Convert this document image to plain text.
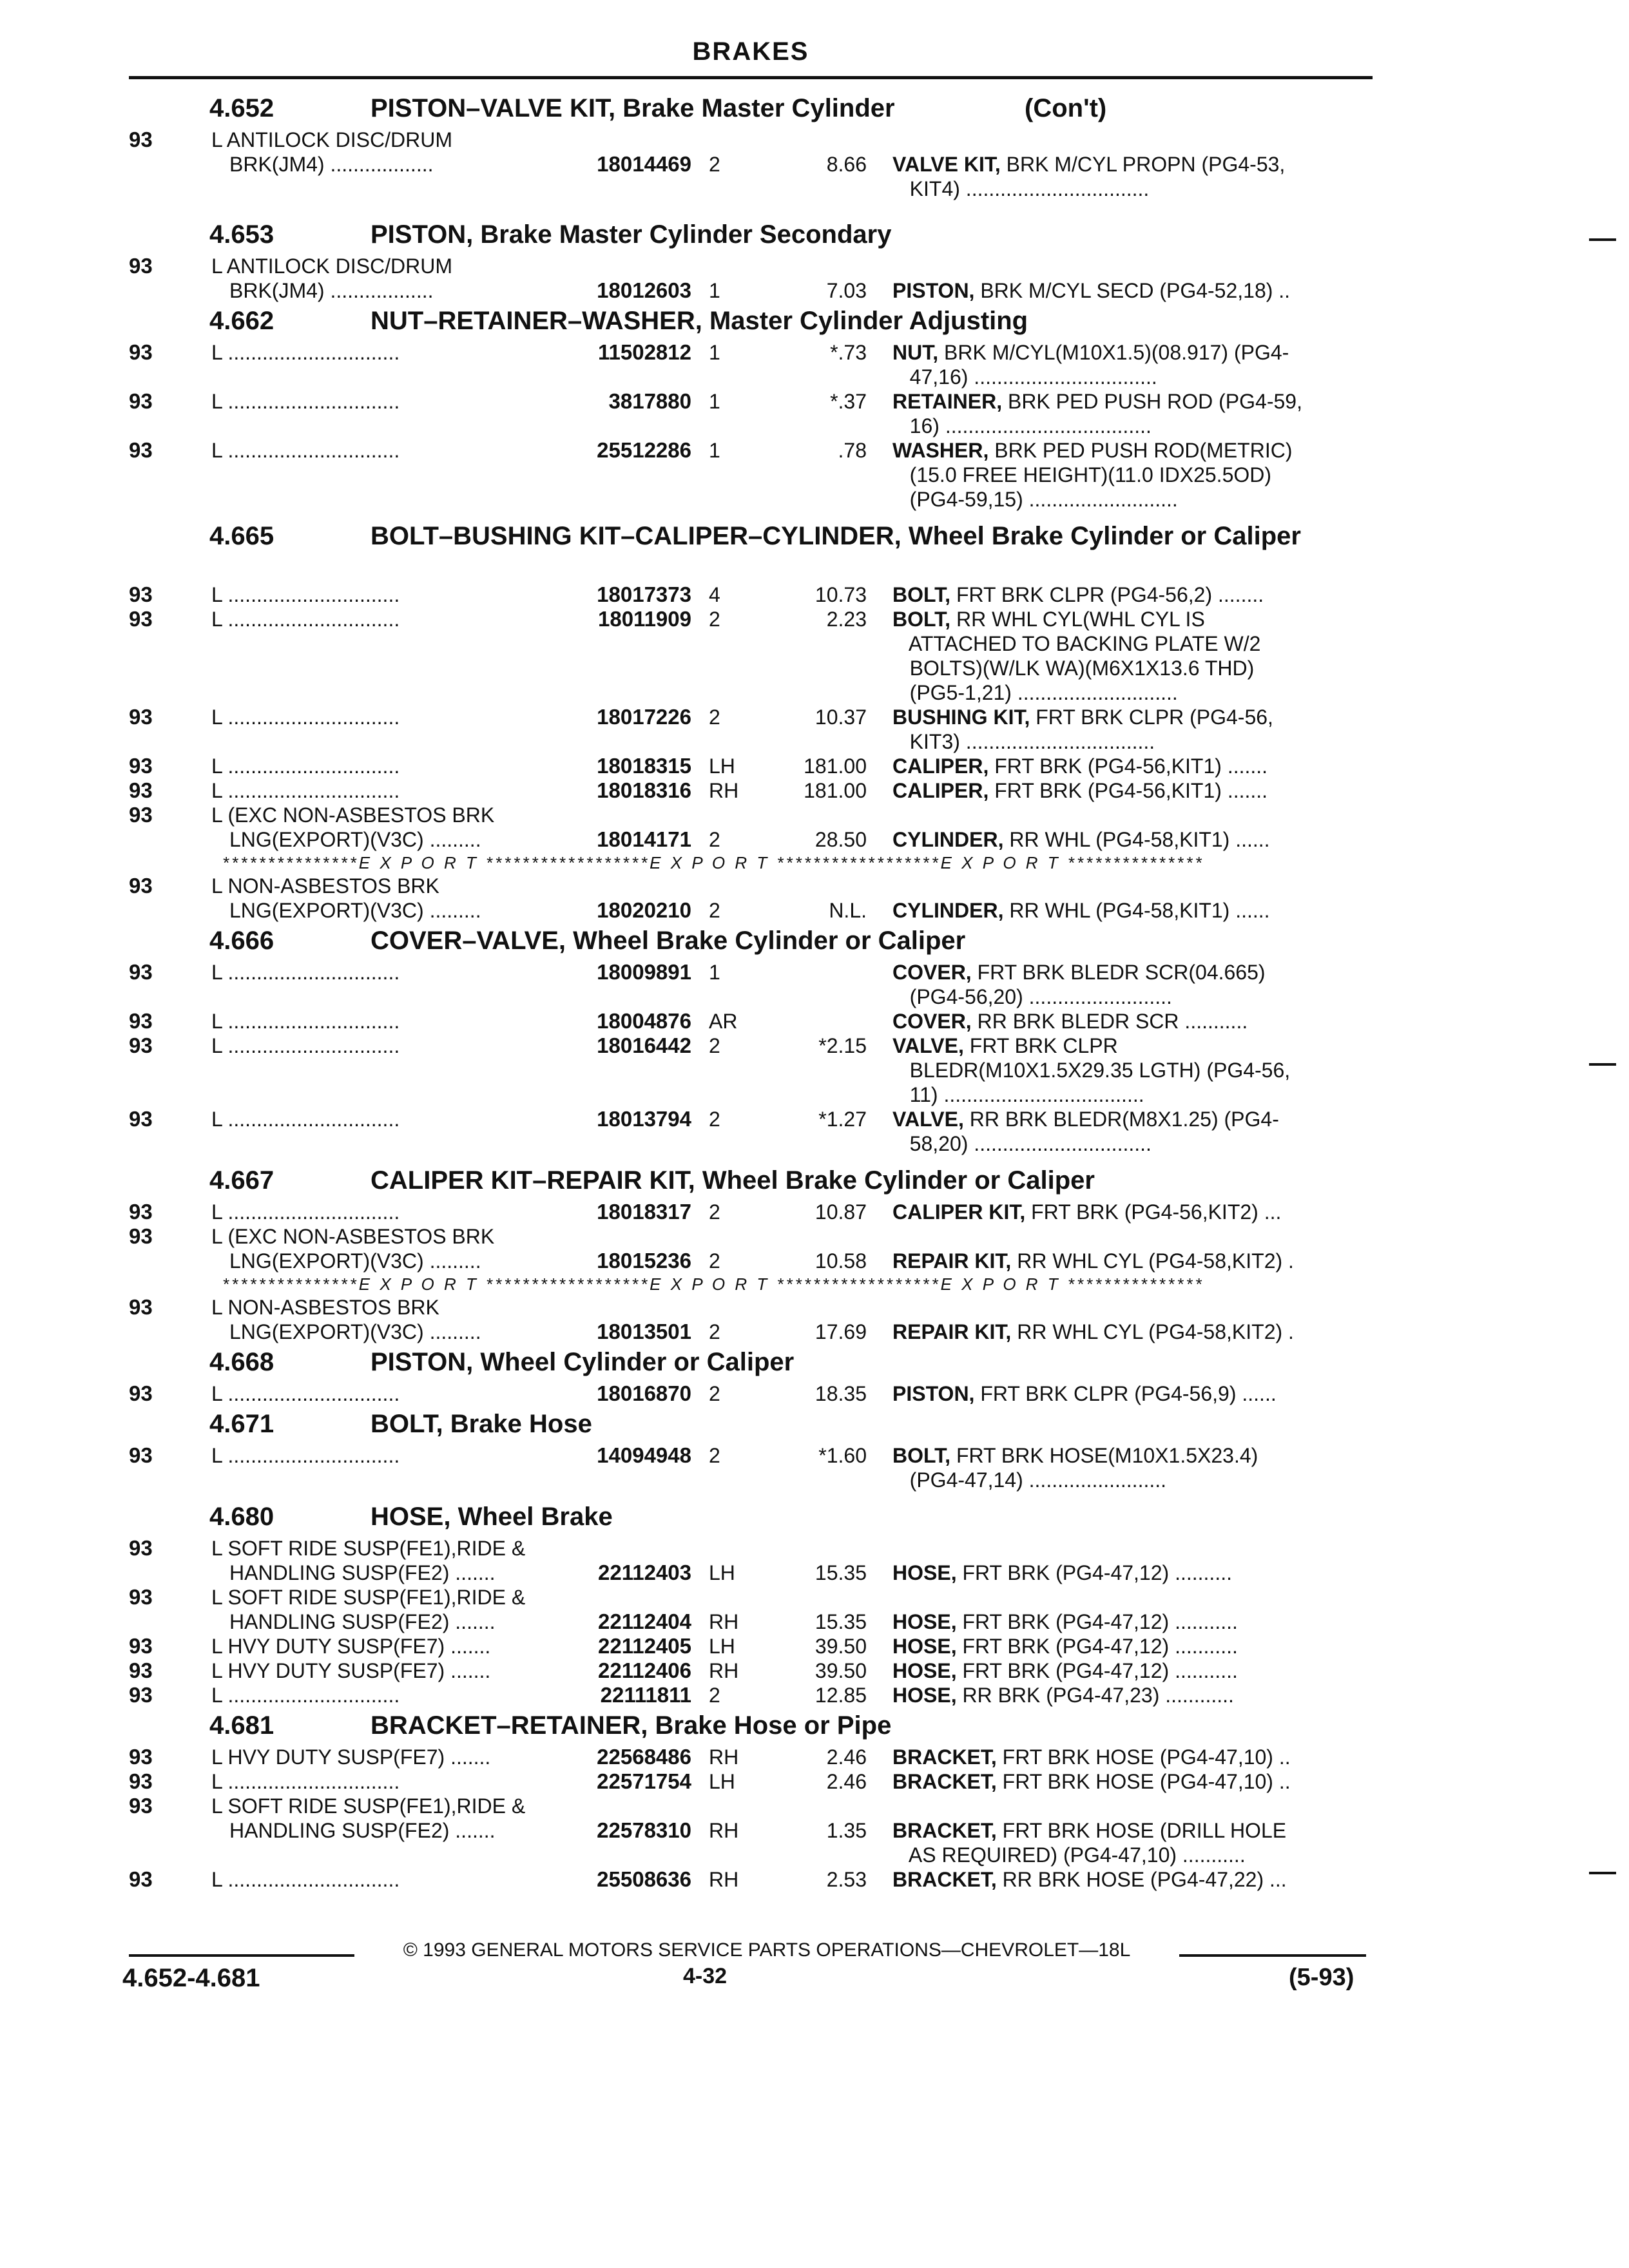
BRAKES
4.652	PISTON–VALVE KIT, Brake Master Cylinder	(Con't)
93	L ANTILOCK DISC/DRUM
BRK(JM4) ..................	18014469 2	8.66 VALVE KIT, BRK M/CYL PROPN (PG4-53,
KIT4) ................................
4.653	PISTON, Brake Master Cylinder Secondary
93	L ANTILOCK DISC/DRUM
BRK(JM4) ..................	18012603 1	7.03 PISTON, BRK M/CYL SECD (PG4-52,18) ..
4.662	NUT–RETAINER–WASHER, Master Cylinder Adjusting
93	L ..............................	11502812 1	*.73 NUT, BRK M/CYL(M10X1.5)(08.917) (PG4-
47,16) ................................
93	L ..............................	3817880 1	*.37 RETAINER, BRK PED PUSH ROD (PG4-59,
16) ....................................
93	L ..............................	25512286 1	.78 WASHER, BRK PED PUSH ROD(METRIC)
(15.0 FREE HEIGHT)(11.0 IDX25.5OD)
(PG4-59,15) ..........................
4.665	BOLT–BUSHING KIT–CALIPER–CYLINDER, Wheel Brake Cylinder or Caliper
93	L ..............................	18017373 4	10.73 BOLT, FRT BRK CLPR (PG4-56,2) ........
93	L ..............................	18011909 2	2.23 BOLT, RR WHL CYL(WHL CYL IS
ATTACHED TO BACKING PLATE W/2
BOLTS)(W/LK WA)(M6X1X13.6 THD)
(PG5-1,21) ............................
93	L ..............................	18017226 2	10.37 BUSHING KIT, FRT BRK CLPR (PG4-56,
KIT3) .................................
93	L ..............................	18018315 LH	181.00 CALIPER, FRT BRK (PG4-56,KIT1) .......
93	L ..............................	18018316 RH	181.00 CALIPER, FRT BRK (PG4-56,KIT1) .......
93	L (EXC NON-ASBESTOS BRK
LNG(EXPORT)(V3C) .........	18014171 2	28.50 CYLINDER, RR WHL (PG4-58,KIT1) ......
***************E X P O R T ******************E X P O R T ******************E X P O R T ***************
93	L NON-ASBESTOS BRK
LNG(EXPORT)(V3C) .........	18020210 2	N.L. CYLINDER, RR WHL (PG4-58,KIT1) ......
4.666	COVER–VALVE, Wheel Brake Cylinder or Caliper
93	L ..............................	18009891 1	COVER, FRT BRK BLEDR SCR(04.665)
(PG4-56,20) .........................
93	L ..............................	18004876 AR	COVER, RR BRK BLEDR SCR ...........
93	L ..............................	18016442 2	*2.15 VALVE, FRT BRK CLPR
BLEDR(M10X1.5X29.35 LGTH) (PG4-56,
11) ...................................
93	L ..............................	18013794 2	*1.27 VALVE, RR BRK BLEDR(M8X1.25) (PG4-
58,20) ...............................
4.667	CALIPER KIT–REPAIR KIT, Wheel Brake Cylinder or Caliper
93	L ..............................	18018317 2	10.87 CALIPER KIT, FRT BRK (PG4-56,KIT2) ...
93	L (EXC NON-ASBESTOS BRK
LNG(EXPORT)(V3C) .........	18015236 2	10.58 REPAIR KIT, RR WHL CYL (PG4-58,KIT2) .
***************E X P O R T ******************E X P O R T ******************E X P O R T ***************
93	L NON-ASBESTOS BRK
LNG(EXPORT)(V3C) .........	18013501 2	17.69 REPAIR KIT, RR WHL CYL (PG4-58,KIT2) .
4.668	PISTON, Wheel Cylinder or Caliper
93	L ..............................	18016870 2	18.35 PISTON, FRT BRK CLPR (PG4-56,9) ......
4.671	BOLT, Brake Hose
93	L ..............................	14094948 2	*1.60 BOLT, FRT BRK HOSE(M10X1.5X23.4)
(PG4-47,14) ........................
4.680	HOSE, Wheel Brake
93	L SOFT RIDE SUSP(FE1),RIDE &
HANDLING SUSP(FE2) .......	22112403 LH	15.35 HOSE, FRT BRK (PG4-47,12) ..........
93	L SOFT RIDE SUSP(FE1),RIDE &
HANDLING SUSP(FE2) .......	22112404 RH	15.35 HOSE, FRT BRK (PG4-47,12) ...........
93	L HVY DUTY SUSP(FE7) .......	22112405 LH	39.50 HOSE, FRT BRK (PG4-47,12) ...........
93	L HVY DUTY SUSP(FE7) .......	22112406 RH	39.50 HOSE, FRT BRK (PG4-47,12) ...........
93	L ..............................	22111811 2	12.85 HOSE, RR BRK (PG4-47,23) ............
4.681	BRACKET–RETAINER, Brake Hose or Pipe
93	L HVY DUTY SUSP(FE7) .......	22568486 RH	2.46 BRACKET, FRT BRK HOSE (PG4-47,10) ..
93	L ..............................	22571754 LH	2.46 BRACKET, FRT BRK HOSE (PG4-47,10) ..
93	L SOFT RIDE SUSP(FE1),RIDE &
HANDLING SUSP(FE2) .......	22578310 RH	1.35 BRACKET, FRT BRK HOSE (DRILL HOLE
AS REQUIRED) (PG4-47,10) ...........
93	L ..............................	25508636 RH	2.53 BRACKET, RR BRK HOSE (PG4-47,22) ...
© 1993 GENERAL MOTORS SERVICE PARTS OPERATIONS—CHEVROLET—18L
4.652-4.681	4-32	(5-93)
